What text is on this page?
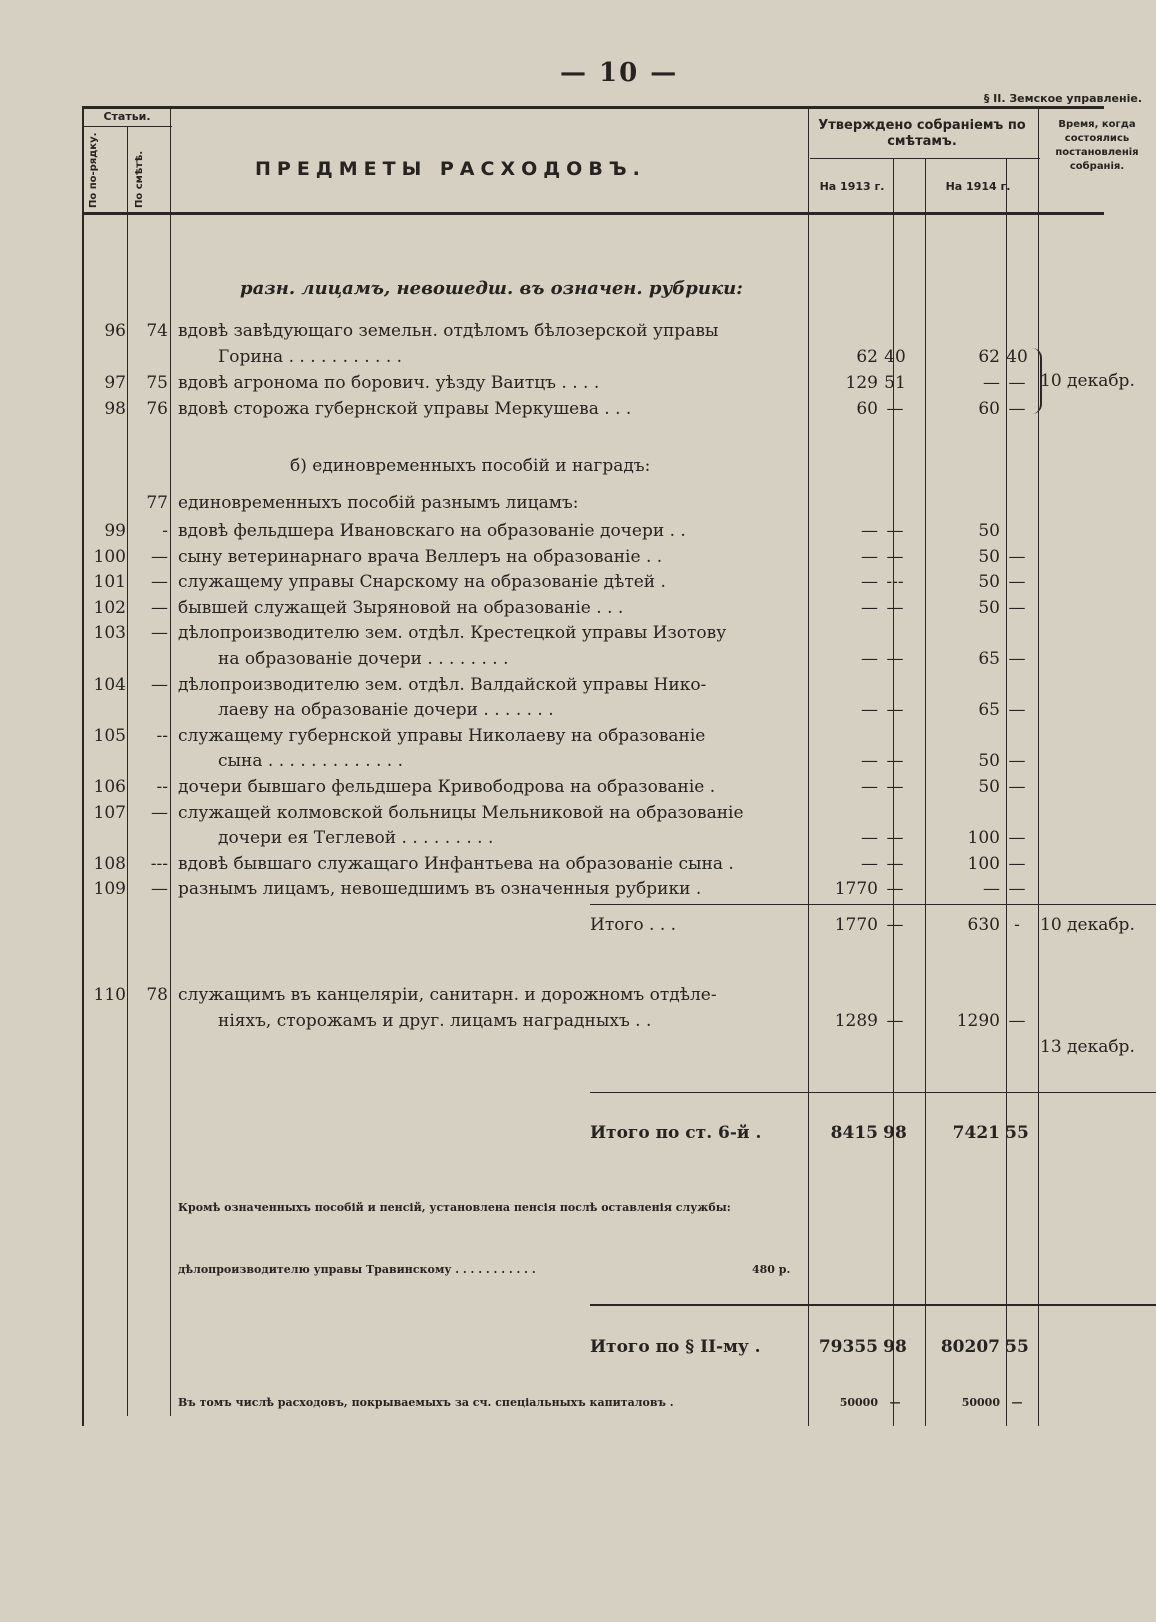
— 10 —
§ II. Земское управленіе.
Статьи.
По по-рядку.	По смѣтѣ.	ПРЕДМЕТЫ РАСХОДОВЪ.
Утверждено собраніемъ по смѣтамъ.
На 1913 г.	На 1914 г.
Время, когда состоялись постановленія собранія.
разн. лицамъ, невошедш. въ означен. рубрики:
96	74 вдовѣ завѣдующаго земельн. отдѣломъ бѣлозерской управы
Горина . . . . . . . . . . .	62 40	62 40
97	75 вдовѣ агронома по борович. уѣзду Ваитцъ . . . .	129 51	— —
98	76 вдовѣ сторожа губернской управы Меркушева . . .	60 —	60 —
10 декабр.
б) единовременныхъ пособій и наградъ:
77 единовременныхъ пособій разнымъ лицамъ:
99	- вдовѣ фельдшера Ивановскаго на образованіе дочери . .	— —	50
100	— сыну ветеринарнаго врача Веллеръ на образованіе . .	— —	50 —
101	— служащему управы Снарскому на образованіе дѣтей .	— ---	50 —
102	— бывшей служащей Зыряновой на образованіе . . .	— —	50 —
103	— дѣлопроизводителю зем. отдѣл. Крестецкой управы Изотову
на образованіе дочери . . . . . . . .	— —	65 —
104	— дѣлопроизводителю зем. отдѣл. Валдайской управы Нико-
лаеву на образованіе дочери . . . . . . .	— —	65 —
105	-- служащему губернской управы Николаеву на образованіе
сына . . . . . . . . . . . . .	— —	50 —
106	-- дочери бывшаго фельдшера Кривободрова на образованіе .	— —	50 —
107	— служащей колмовской больницы Мельниковой на образованіе
дочери ея Теглевой . . . . . . . . .	— —	100 —
108	--- вдовѣ бывшаго служащаго Инфантьева на образованіе сына .	— —	100 —
109	— разнымъ лицамъ, невошедшимъ въ означенныя рубрики .	1770 —	— —
Итого . . .	1770 —	630 -	10 декабр.
110	78 служащимъ въ канцеляріи, санитарн. и дорожномъ отдѣле-
ніяхъ, сторожамъ и друг. лицамъ наградныхъ . .	1289 —	1290 —
13 декабр.
Итого по ст. 6-й .	8415 98	7421 55
Кромѣ означенныхъ пособій и пенсій, установлена пенсія послѣ оставленія службы:
дѣлопроизводителю управы Травинскому . . . . . . . . . . .	480 р.
Итого по § II-му .	79355 98	80207 55
Въ томъ числѣ расходовъ, покрываемыхъ за сч. спеціальныхъ капиталовъ .	50000	—	50000	—
